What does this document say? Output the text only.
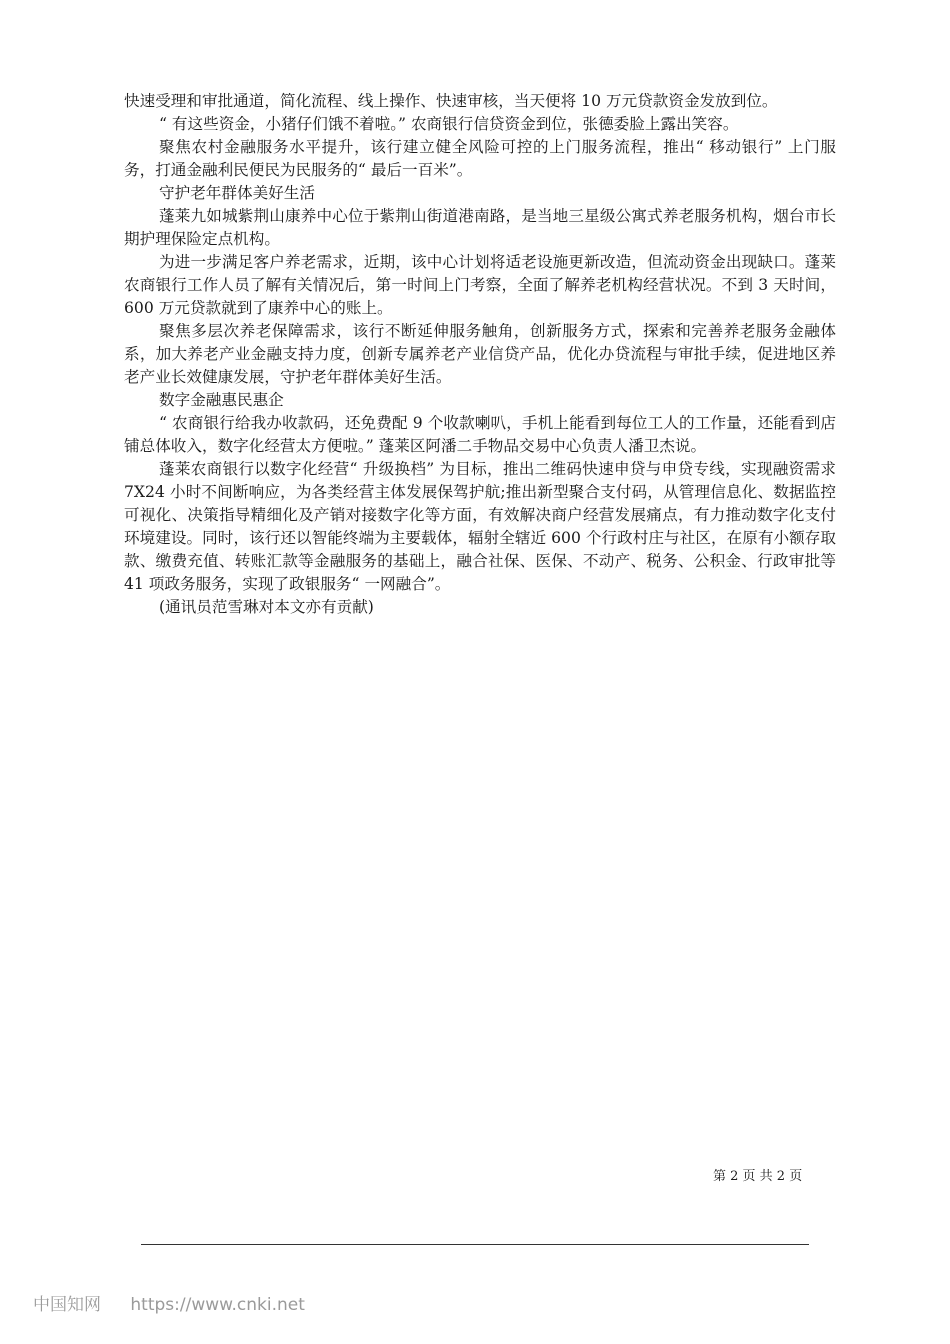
快速受理和审批通道，简化流程、线上操作、快速审核，当天便将 10 万元贷款资金发放到位。

“ 有这些资金，小猪仔们饿不着啦。” 农商银行信贷资金到位，张德委脸上露出笑容。

聚焦农村金融服务水平提升，该行建立健全风险可控的上门服务流程，推出“ 移动银行” 上门服务，打通金融利民便民为民服务的“ 最后一百米”。

守护老年群体美好生活

蓬莱九如城紫荆山康养中心位于紫荆山街道港南路，是当地三星级公寓式养老服务机构，烟台市长期护理保险定点机构。

为进一步满足客户养老需求，近期，该中心计划将适老设施更新改造，但流动资金出现缺口。蓬莱农商银行工作人员了解有关情况后，第一时间上门考察，全面了解养老机构经营状况。不到 3 天时间，600 万元贷款就到了康养中心的账上。

聚焦多层次养老保障需求，该行不断延伸服务触角，创新服务方式，探索和完善养老服务金融体系，加大养老产业金融支持力度，创新专属养老产业信贷产品，优化办贷流程与审批手续，促进地区养老产业长效健康发展，守护老年群体美好生活。

数字金融惠民惠企

“ 农商银行给我办收款码，还免费配 9 个收款喇叭，手机上能看到每位工人的工作量，还能看到店铺总体收入，数字化经营太方便啦。” 蓬莱区阿潘二手物品交易中心负责人潘卫杰说。

蓬莱农商银行以数字化经营“ 升级换档” 为目标，推出二维码快速申贷与申贷专线，实现融资需求 7X24 小时不间断响应，为各类经营主体发展保驾护航;推出新型聚合支付码，从管理信息化、数据监控可视化、决策指导精细化及产销对接数字化等方面，有效解决商户经营发展痛点，有力推动数字化支付环境建设。同时，该行还以智能终端为主要载体，辐射全辖近 600 个行政村庄与社区，在原有小额存取款、缴费充值、转账汇款等金融服务的基础上，融合社保、医保、不动产、税务、公积金、行政审批等 41 项政务服务，实现了政银服务“ 一网融合”。

(通讯员范雪琳对本文亦有贡献)

第 2 页 共 2 页
中国知网 https://www.cnki.net
